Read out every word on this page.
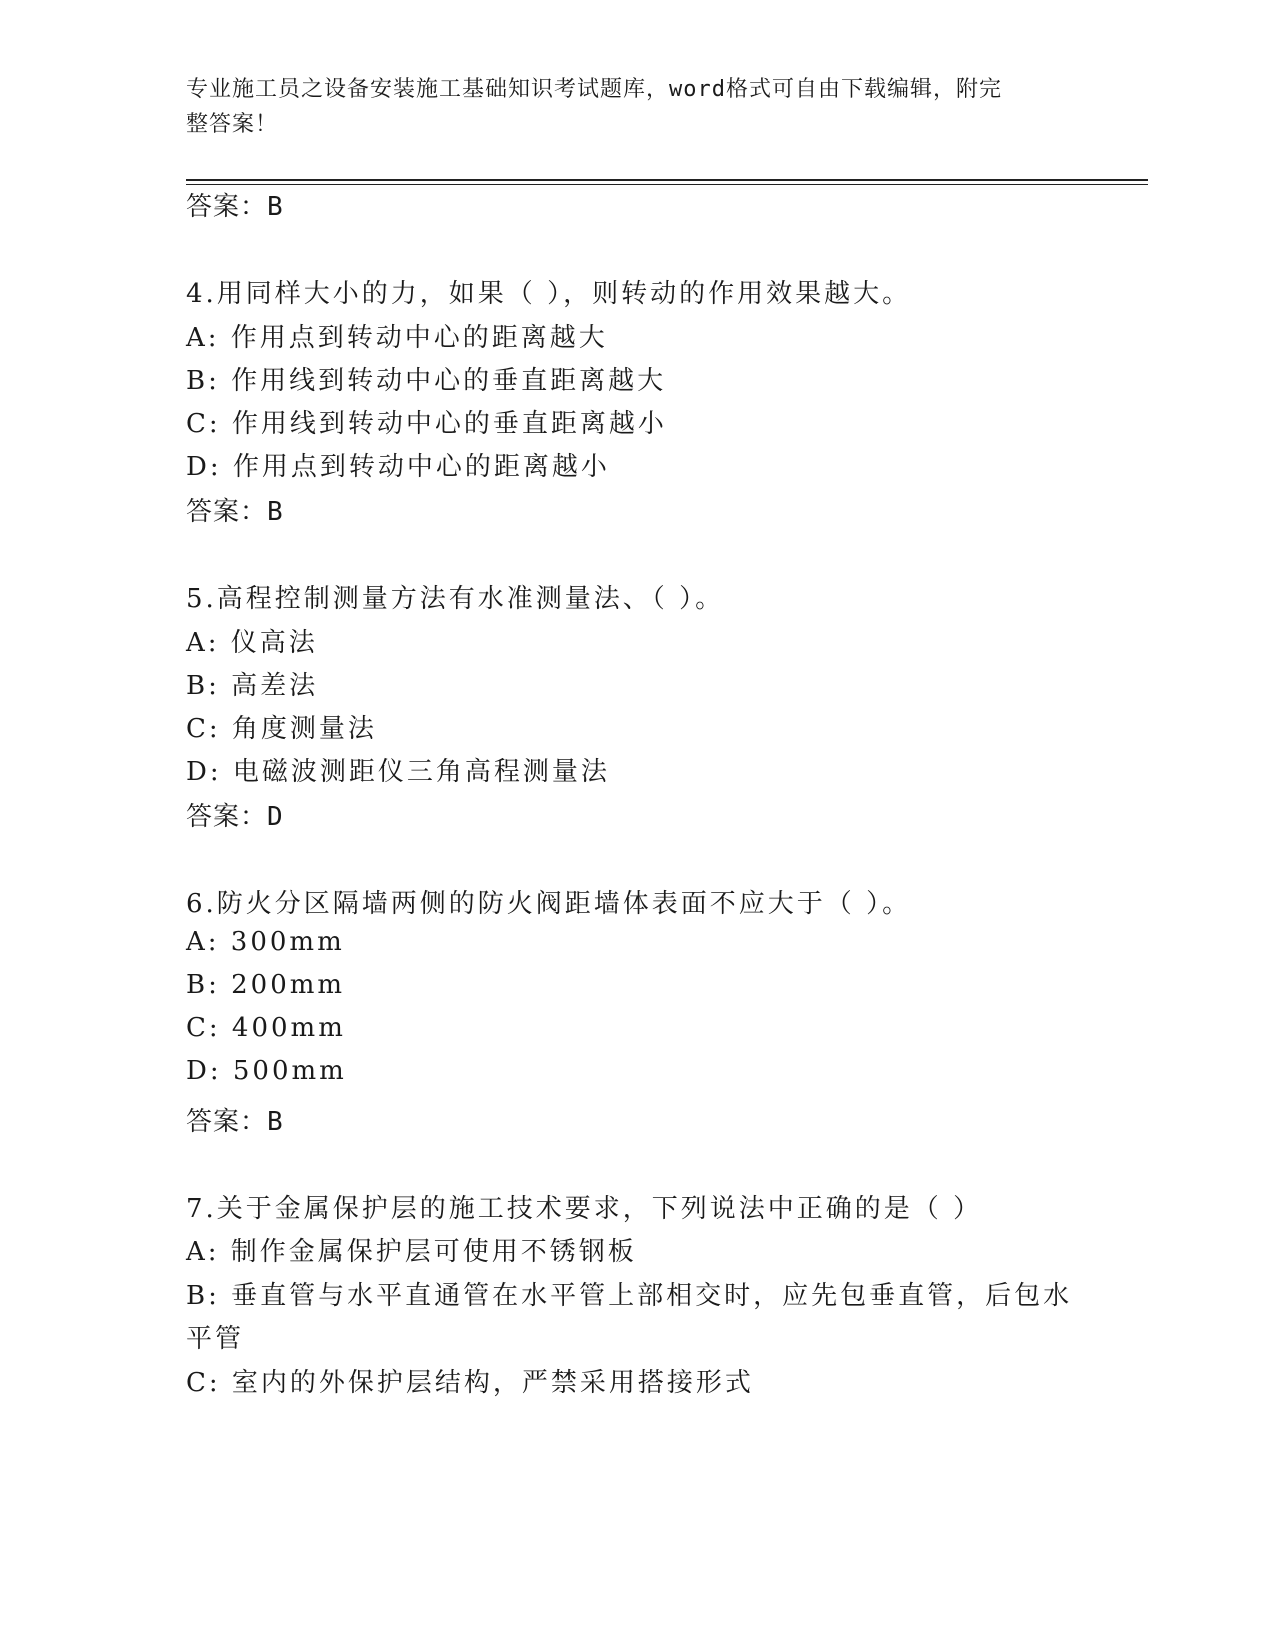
专业施工员之设备安装施工基础知识考试题库，word格式可自由下载编辑，附完
整答案！
答案：B
4.用同样大小的力，如果（ ），则转动的作用效果越大。
A: 作用点到转动中心的距离越大
B: 作用线到转动中心的垂直距离越大
C: 作用线到转动中心的垂直距离越小
D: 作用点到转动中心的距离越小
答案：B
5.高程控制测量方法有水准测量法、（ ）。
A: 仪高法
B: 高差法
C: 角度测量法
D: 电磁波测距仪三角高程测量法
答案：D
6.防火分区隔墙两侧的防火阀距墙体表面不应大于（ ）。
A: 300mm
B: 200mm
C: 400mm
D: 500mm
答案：B
7.关于金属保护层的施工技术要求，下列说法中正确的是（ ）
A: 制作金属保护层可使用不锈钢板
B: 垂直管与水平直通管在水平管上部相交时，应先包垂直管，后包水
平管
C: 室内的外保护层结构，严禁采用搭接形式
